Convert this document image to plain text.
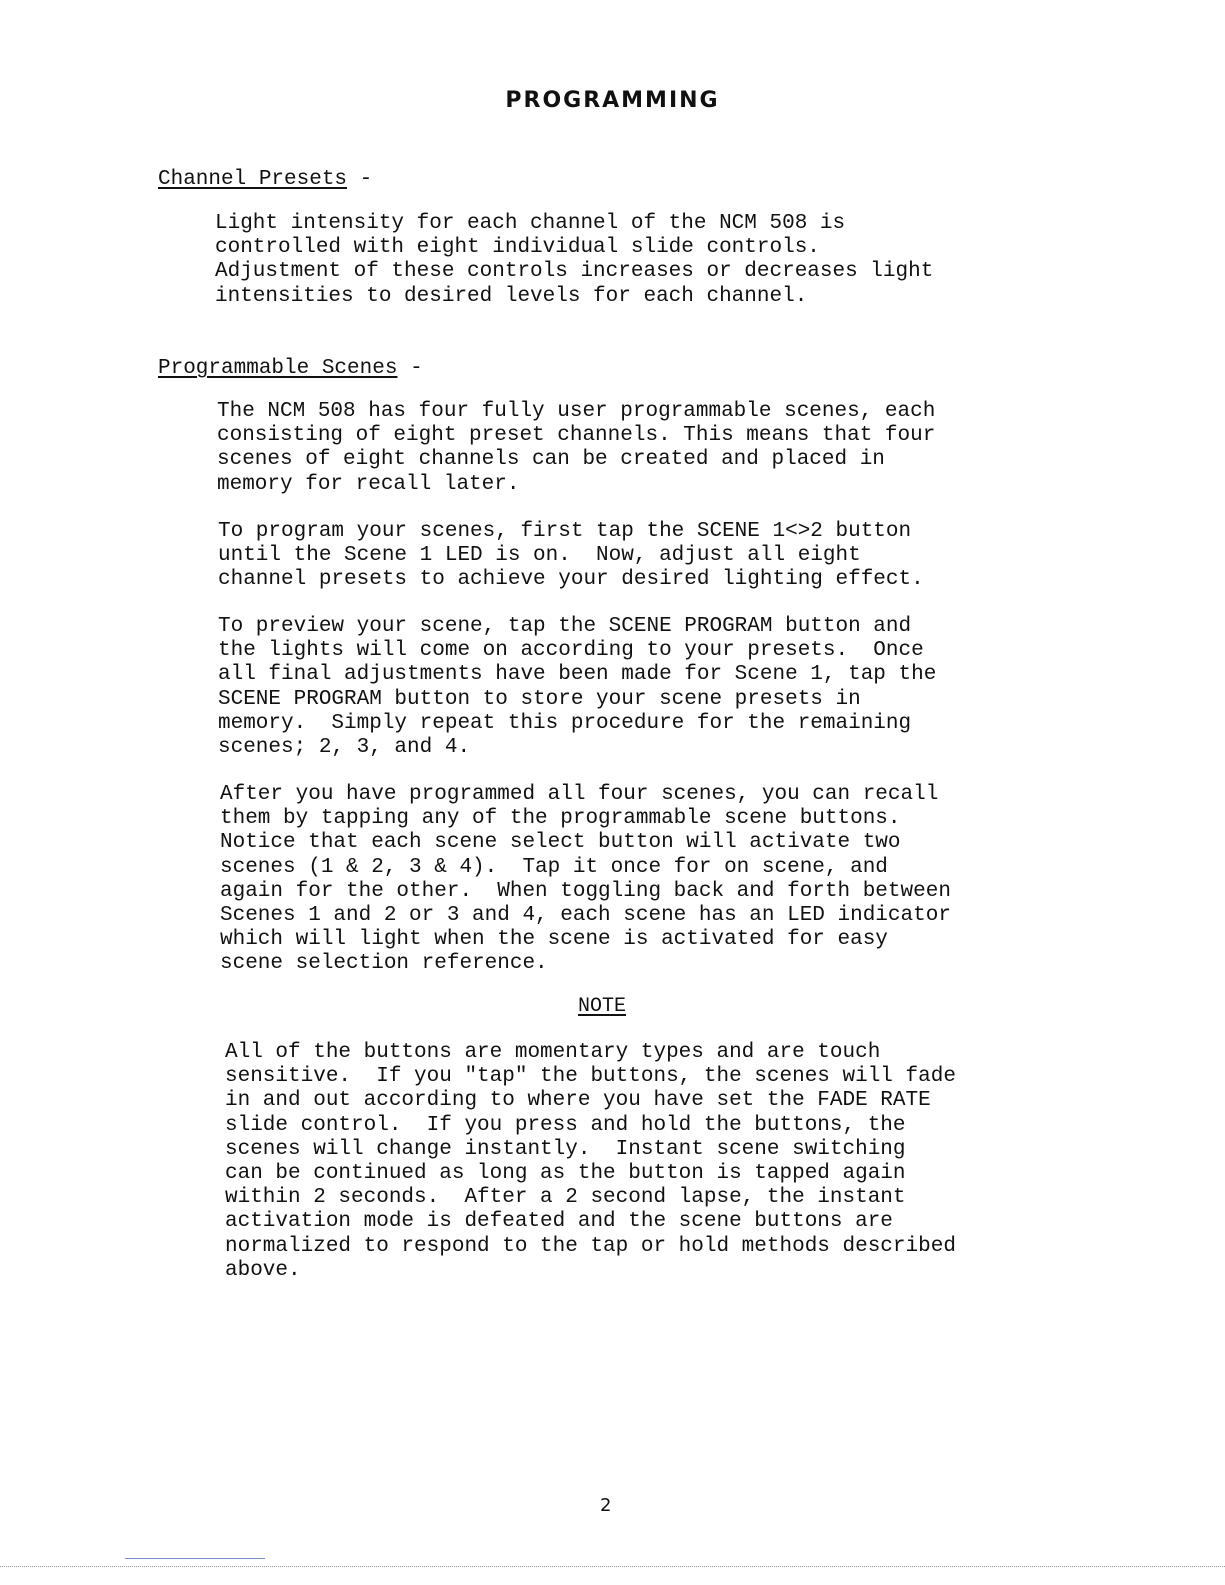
PROGRAMMING
Channel Presets -

Light intensity for each channel of the NCM 508 is
controlled with eight individual slide controls.
Adjustment of these controls increases or decreases light
intensities to desired levels for each channel.

Programmable Scenes -

The NCM 508 has four fully user programmable scenes, each
consisting of eight preset channels. This means that four
scenes of eight channels can be created and placed in
memory for recall later.

To program your scenes, first tap the SCENE 1<>2 button
until the Scene 1 LED is on.  Now, adjust all eight
channel presets to achieve your desired lighting effect.

To preview your scene, tap the SCENE PROGRAM button and
the lights will come on according to your presets.  Once
all final adjustments have been made for Scene 1, tap the
SCENE PROGRAM button to store your scene presets in
memory.  Simply repeat this procedure for the remaining
scenes; 2, 3, and 4.

After you have programmed all four scenes, you can recall
them by tapping any of the programmable scene buttons.
Notice that each scene select button will activate two
scenes (1 & 2, 3 & 4).  Tap it once for on scene, and
again for the other.  When toggling back and forth between
Scenes 1 and 2 or 3 and 4, each scene has an LED indicator
which will light when the scene is activated for easy
scene selection reference.

NOTE

All of the buttons are momentary types and are touch
sensitive.  If you "tap" the buttons, the scenes will fade
in and out according to where you have set the FADE RATE
slide control.  If you press and hold the buttons, the
scenes will change instantly.  Instant scene switching
can be continued as long as the button is tapped again
within 2 seconds.  After a 2 second lapse, the instant
activation mode is defeated and the scene buttons are
normalized to respond to the tap or hold methods described
above.

2
